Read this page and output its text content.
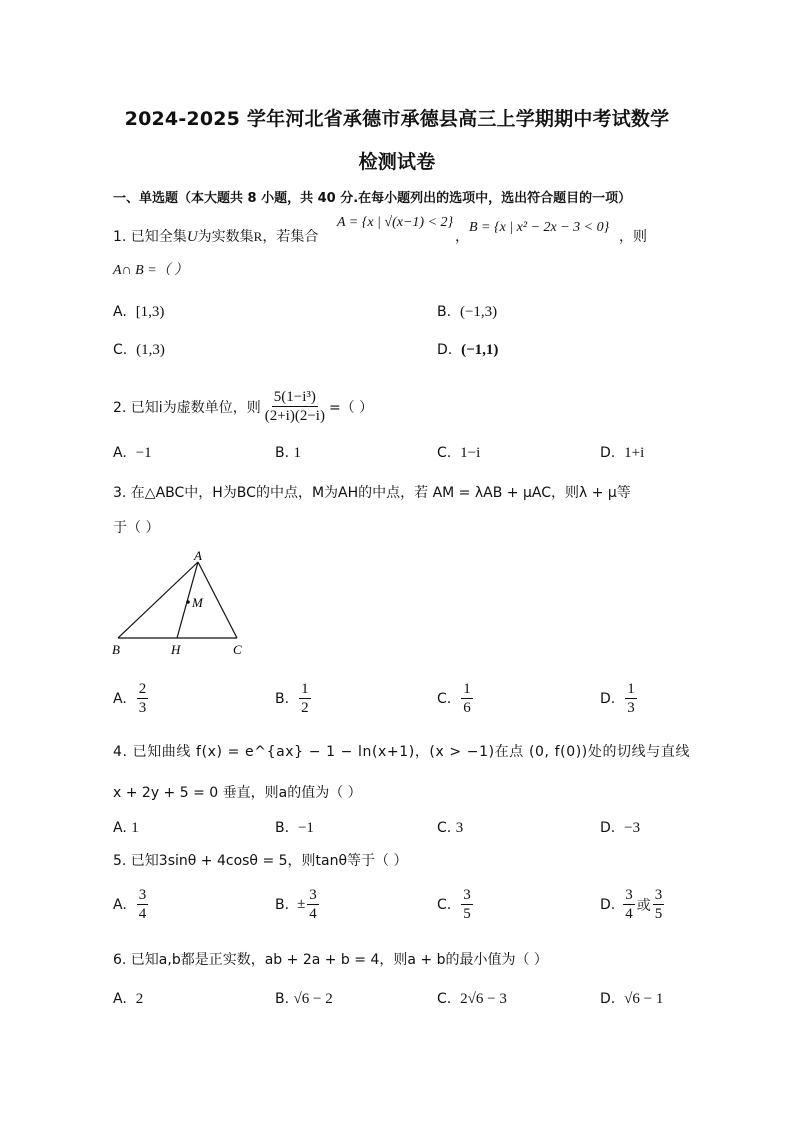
2024-2025 学年河北省承德市承德县高三上学期期中考试数学
检测试卷
一、单选题（本大题共 8 小题，共 40 分.在每小题列出的选项中，选出符合题目的一项）
1. 已知全集U为实数集R，若集合
A = {x | √(x−1) < 2}
，
B = {x | x² − 2x − 3 < 0}
，则
A∩ B =（ ）
A. [1,3)	B. (−1,3)
C. (1,3)	D. (−1,1)
2. 已知i为虚数单位，则 $\frac{\text{5(1−i³)}}{(2+i)(2-i)}$ =（ ）
A. −1	B. 1	C. 1−i	D. 1+i
3. 在△ABC中，H为BC的中点，M为AH的中点，若 AM = λAB + μAC，则λ + μ等
于（ ）
A
M
B	H	C
A. $\frac{2}{3}$	B. $\frac{1}{2}$	C. $\frac{1}{6}$	D. $\frac{1}{3}$
4. 已知曲线 f(x) = e^{ax} − 1 − ln(x+1)，(x > −1)在点 (0, f(0))处的切线与直线
x + 2y + 5 = 0 垂直，则a的值为（ ）
A. 1	B. −1	C. 3	D. −3
5. 已知3sinθ + 4cosθ = 5，则tanθ等于（ ）
A. $\frac{3}{4}$	B. ± $\frac{3}{4}$	C. $\frac{3}{5}$	D. $\frac{3}{4}$ 或 $\frac{3}{5}$
6. 已知a,b都是正实数，ab + 2a + b = 4，则a + b的最小值为（ ）
A. 2	B. √6 − 2	C. 2√6 − 3	D. √6 − 1
